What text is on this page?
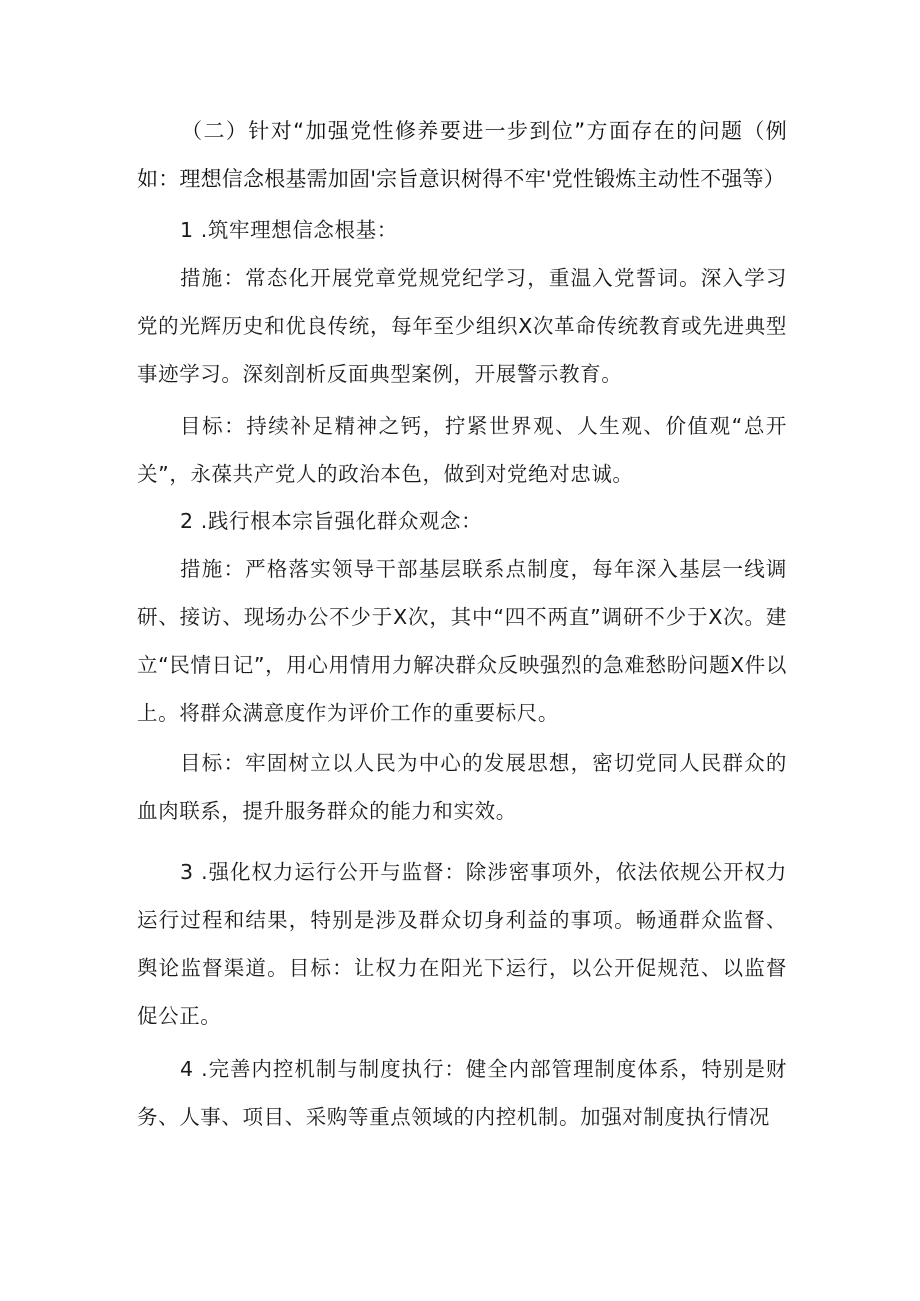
（二）针对“加强党性修养要进一步到位”方面存在的问题（例如：理想信念根基需加固'宗旨意识树得不牢'党性锻炼主动性不强等）

1 .筑牢理想信念根基：

措施：常态化开展党章党规党纪学习，重温入党誓词。深入学习党的光辉历史和优良传统，每年至少组织X次革命传统教育或先进典型事迹学习。深刻剖析反面典型案例，开展警示教育。

目标：持续补足精神之钙，拧紧世界观、人生观、价值观“总开关”，永葆共产党人的政治本色，做到对党绝对忠诚。

2 .践行根本宗旨强化群众观念：

措施：严格落实领导干部基层联系点制度，每年深入基层一线调研、接访、现场办公不少于X次，其中“四不两直”调研不少于X次。建立“民情日记”，用心用情用力解决群众反映强烈的急难愁盼问题X件以上。将群众满意度作为评价工作的重要标尺。

目标：牢固树立以人民为中心的发展思想，密切党同人民群众的血肉联系，提升服务群众的能力和实效。

3 .强化权力运行公开与监督：除涉密事项外，依法依规公开权力运行过程和结果，特别是涉及群众切身利益的事项。畅通群众监督、舆论监督渠道。目标：让权力在阳光下运行，以公开促规范、以监督促公正。

4 .完善内控机制与制度执行：健全内部管理制度体系，特别是财务、人事、项目、采购等重点领域的内控机制。加强对制度执行情况
